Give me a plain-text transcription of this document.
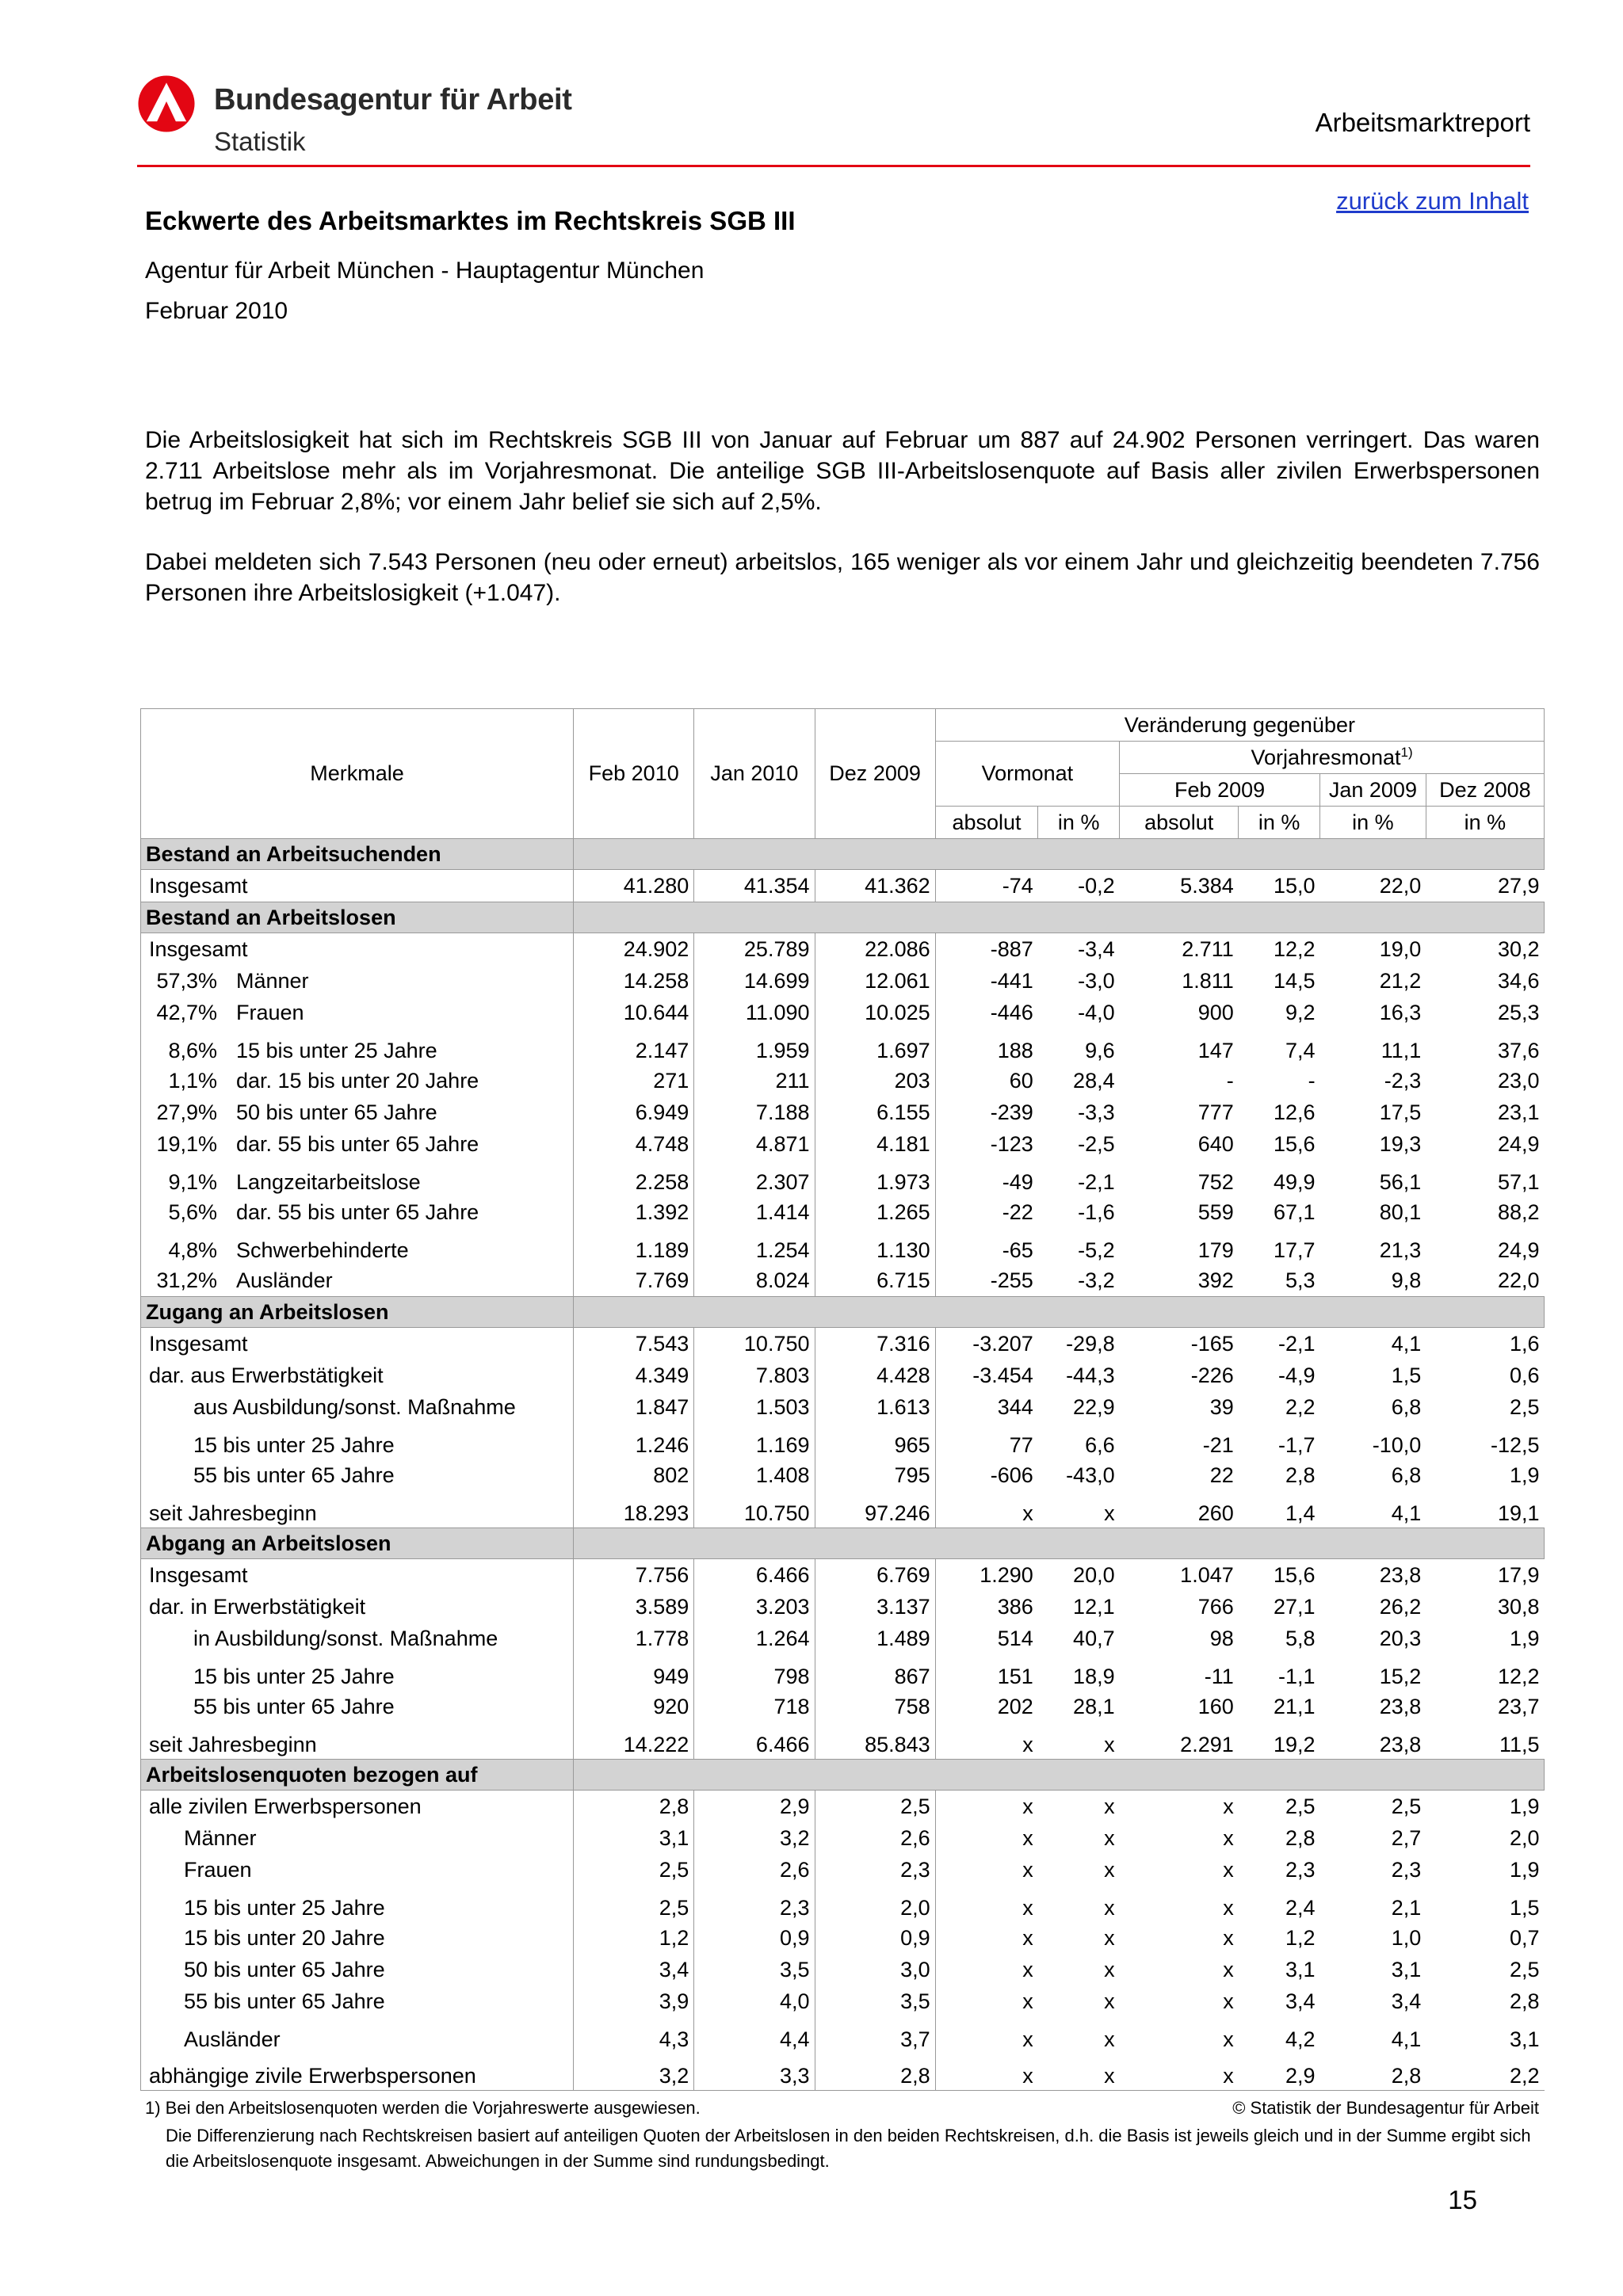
Bundesagentur für Arbeit
Statistik
Arbeitsmarktreport
zurück zum Inhalt
Eckwerte des Arbeitsmarktes im Rechtskreis SGB III
Agentur für Arbeit München - Hauptagentur München
Februar 2010
Die Arbeitslosigkeit hat sich im Rechtskreis SGB III von Januar auf Februar um 887 auf 24.902 Personen verringert. Das waren 2.711 Arbeitslose mehr als im Vorjahresmonat. Die anteilige SGB III-Arbeitslosenquote auf Basis aller zivilen Erwerbspersonen betrug im Februar 2,8%; vor einem Jahr belief sie sich auf 2,5%.
Dabei meldeten sich 7.543 Personen (neu oder erneut) arbeitslos, 165 weniger als vor einem Jahr und gleichzeitig beendeten 7.756 Personen ihre Arbeitslosigkeit (+1.047).
Merkmale	Feb 2010	Jan 2010	Dez 2009	Veränderung gegenüber					
				Vormonat		Vorjahresmonat$^{1)}$
						Feb 2009		Jan 2009	Dez 2008
				absolut	in %	absolut	in %	in %	in %
Bestand an Arbeitsuchenden									
Insgesamt	41.280	41.354	41.362	-74	-0,2	5.384	15,0	22,0	27,9
Bestand an Arbeitslosen									
Insgesamt	24.902	25.789	22.086	-887	-3,4	2.711	12,2	19,0	30,2
57,3% Männer	14.258	14.699	12.061	-441	-3,0	1.811	14,5	21,2	34,6
42,7% Frauen	10.644	11.090	10.025	-446	-4,0	900	9,2	16,3	25,3
8,6% 15 bis unter 25 Jahre	2.147	1.959	1.697	188	9,6	147	7,4	11,1	37,6
1,1% dar. 15 bis unter 20 Jahre	271	211	203	60	28,4	-	-	-2,3	23,0
27,9% 50 bis unter 65 Jahre	6.949	7.188	6.155	-239	-3,3	777	12,6	17,5	23,1
19,1% dar. 55 bis unter 65 Jahre	4.748	4.871	4.181	-123	-2,5	640	15,6	19,3	24,9
9,1% Langzeitarbeitslose	2.258	2.307	1.973	-49	-2,1	752	49,9	56,1	57,1
5,6% dar. 55 bis unter 65 Jahre	1.392	1.414	1.265	-22	-1,6	559	67,1	80,1	88,2
4,8% Schwerbehinderte	1.189	1.254	1.130	-65	-5,2	179	17,7	21,3	24,9
31,2% Ausländer	7.769	8.024	6.715	-255	-3,2	392	5,3	9,8	22,0
Zugang an Arbeitslosen									
Insgesamt	7.543	10.750	7.316	-3.207	-29,8	-165	-2,1	4,1	1,6
dar. aus Erwerbstätigkeit	4.349	7.803	4.428	-3.454	-44,3	-226	-4,9	1,5	0,6
aus Ausbildung/sonst. Maßnahme	1.847	1.503	1.613	344	22,9	39	2,2	6,8	2,5
15 bis unter 25 Jahre	1.246	1.169	965	77	6,6	-21	-1,7	-10,0	-12,5
55 bis unter 65 Jahre	802	1.408	795	-606	-43,0	22	2,8	6,8	1,9
seit Jahresbeginn	18.293	10.750	97.246	x	x	260	1,4	4,1	19,1
Abgang an Arbeitslosen									
Insgesamt	7.756	6.466	6.769	1.290	20,0	1.047	15,6	23,8	17,9
dar. in Erwerbstätigkeit	3.589	3.203	3.137	386	12,1	766	27,1	26,2	30,8
in Ausbildung/sonst. Maßnahme	1.778	1.264	1.489	514	40,7	98	5,8	20,3	1,9
15 bis unter 25 Jahre	949	798	867	151	18,9	-11	-1,1	15,2	12,2
55 bis unter 65 Jahre	920	718	758	202	28,1	160	21,1	23,8	23,7
seit Jahresbeginn	14.222	6.466	85.843	x	x	2.291	19,2	23,8	11,5
Arbeitslosenquoten bezogen auf									
alle zivilen Erwerbspersonen	2,8	2,9	2,5	x	x	x	2,5	2,5	1,9
Männer	3,1	3,2	2,6	x	x	x	2,8	2,7	2,0
Frauen	2,5	2,6	2,3	x	x	x	2,3	2,3	1,9
15 bis unter 25 Jahre	2,5	2,3	2,0	x	x	x	2,4	2,1	1,5
15 bis unter 20 Jahre	1,2	0,9	0,9	x	x	x	1,2	1,0	0,7
50 bis unter 65 Jahre	3,4	3,5	3,0	x	x	x	3,1	3,1	2,5
55 bis unter 65 Jahre	3,9	4,0	3,5	x	x	x	3,4	3,4	2,8
Ausländer	4,3	4,4	3,7	x	x	x	4,2	4,1	3,1
abhängige zivile Erwerbspersonen	3,2	3,3	2,8	x	x	x	2,9	2,8	2,2
1) Bei den Arbeitslosenquoten werden die Vorjahreswerte ausgewiesen.	© Statistik der Bundesagentur für Arbeit
Die Differenzierung nach Rechtskreisen basiert auf anteiligen Quoten der Arbeitslosen in den beiden Rechtskreisen, d.h. die Basis ist jeweils gleich und in der Summe ergibt sich die Arbeitslosenquote insgesamt. Abweichungen in der Summe sind rundungsbedingt.
15
